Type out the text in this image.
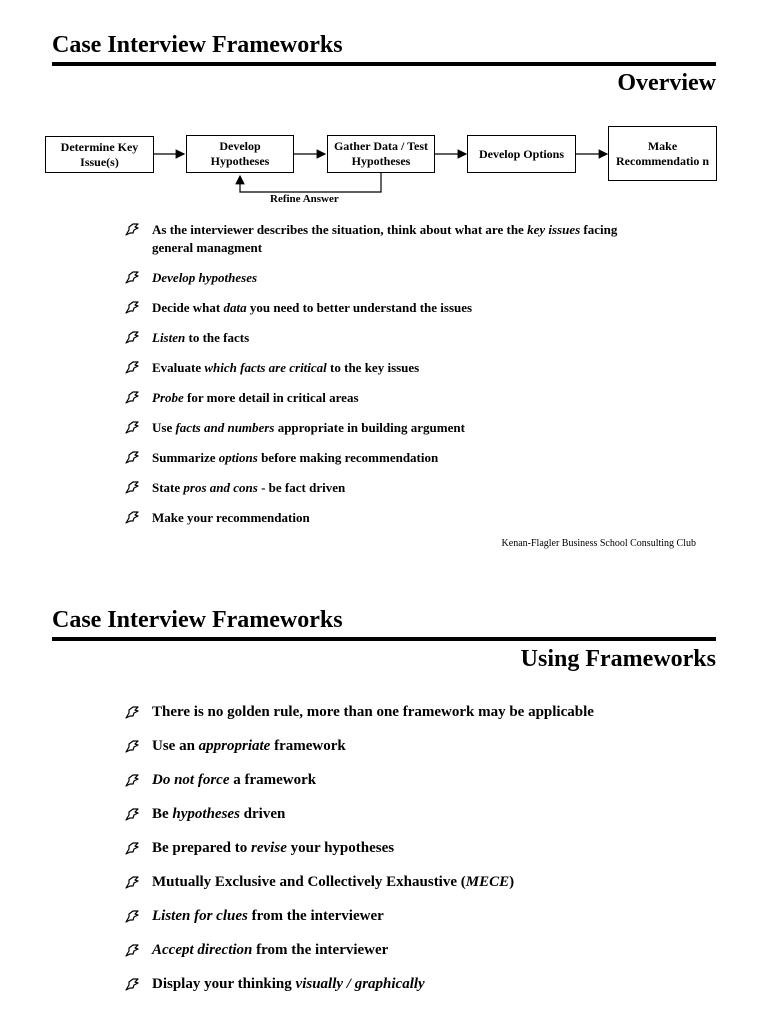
Case Interview Frameworks
Overview
Determine Key Issue(s)
Develop Hypotheses
Gather Data / Test Hypotheses
Develop Options
Make Recommendatio n
Refine Answer
As the interviewer describes the situation, think about what are the key issues facing general managment
Develop hypotheses
Decide what data you need to better understand the issues
Listen to the facts
Evaluate which facts are critical to the key issues
Probe for more detail in critical areas
Use facts and numbers appropriate in building argument
Summarize options before making recommendation
State pros and cons - be fact driven
Make your recommendation
Kenan-Flagler Business School Consulting Club
Case Interview Frameworks
Using Frameworks
There is no golden rule, more than one framework may be applicable
Use an appropriate framework
Do not force a framework
Be hypotheses driven
Be prepared to revise your hypotheses
Mutually Exclusive and Collectively Exhaustive (MECE)
Listen for clues from the interviewer
Accept direction from the interviewer
Display your thinking visually / graphically
